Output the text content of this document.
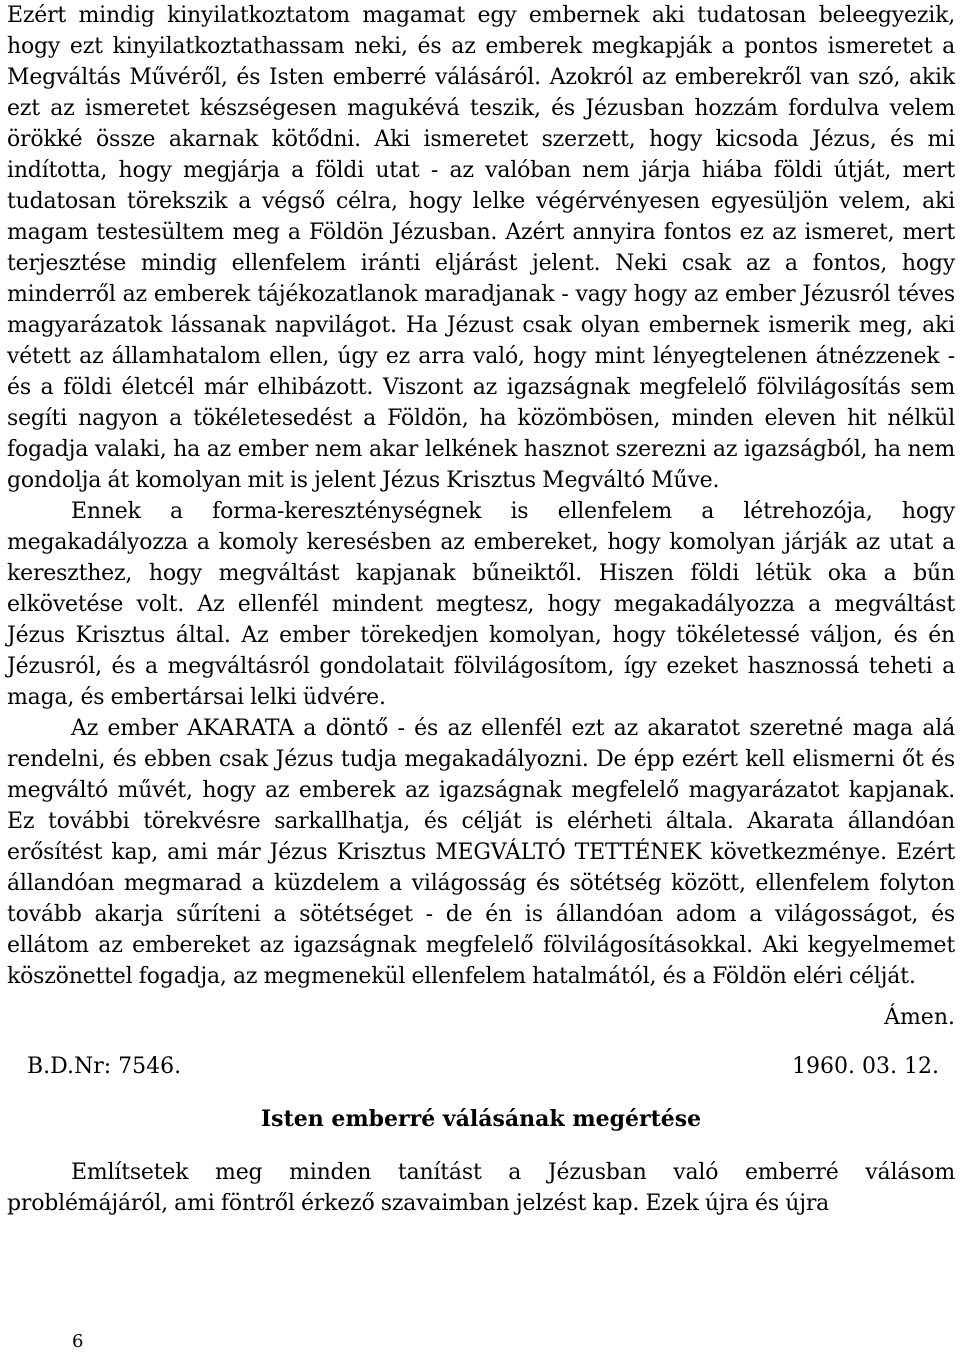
Ezért mindig kinyilatkoztatom magamat egy embernek aki tudatosan beleegyezik, hogy ezt kinyilatkoztathassam neki, és az emberek megkapják a pontos ismeretet a Megváltás Művéről, és Isten emberré válásáról. Azokról az emberekről van szó, akik ezt az ismeretet készségesen magukévá teszik, és Jézusban hozzám fordulva velem örökké össze akarnak kötődni. Aki ismeretet szerzett, hogy kicsoda Jézus, és mi indította, hogy megjárja a földi utat - az valóban nem járja hiába földi útját, mert tudatosan törekszik a végső célra, hogy lelke végérvényesen egyesüljön velem, aki magam testesültem meg a Földön Jézusban. Azért annyira fontos ez az ismeret, mert terjesztése mindig ellenfelem iránti eljárást jelent. Neki csak az a fontos, hogy minderről az emberek tájékozatlanok maradjanak - vagy hogy az ember Jézusról téves magyarázatok lássanak napvilágot. Ha Jézust csak olyan embernek ismerik meg, aki vétett az államhatalom ellen, úgy ez arra való, hogy mint lényegtelenen átnézzenek - és a földi életcél már elhibázott. Viszont az igazságnak megfelelő fölvilágosítás sem segíti nagyon a tökéletesedést a Földön, ha közömbösen, minden eleven hit nélkül fogadja valaki, ha az ember nem akar lelkének hasznot szerezni az igazságból, ha nem gondolja át komolyan mit is jelent Jézus Krisztus Megváltó Műve.

Ennek a forma-kereszténységnek is ellenfelem a létrehozója, hogy megakadályozza a komoly keresésben az embereket, hogy komolyan járják az utat a kereszthez, hogy megváltást kapjanak bűneiktől. Hiszen földi létük oka a bűn elkövetése volt. Az ellenfél mindent megtesz, hogy megakadályozza a megváltást Jézus Krisztus által. Az ember törekedjen komolyan, hogy tökéletessé váljon, és én Jézusról, és a megváltásról gondolatait fölvilágosítom, így ezeket hasznossá teheti a maga, és embertársai lelki üdvére.

Az ember AKARATA a döntő - és az ellenfél ezt az akaratot szeretné maga alá rendelni, és ebben csak Jézus tudja megakadályozni. De épp ezért kell elismerni őt és megváltó művét, hogy az emberek az igazságnak megfelelő magyarázatot kapjanak. Ez további törekvésre sarkallhatja, és célját is elérheti általa. Akarata állandóan erősítést kap, ami már Jézus Krisztus MEGVÁLTÓ TETTÉNEK következménye. Ezért állandóan megmarad a küzdelem a világosság és sötétség között, ellenfelem folyton tovább akarja sűríteni a sötétséget - de én is állandóan adom a világosságot, és ellátom az embereket az igazságnak megfelelő fölvilágosításokkal. Aki kegyelmemet köszönettel fogadja, az megmenekül ellenfelem hatalmától, és a Földön eléri célját.

Ámen.

B.D.Nr: 7546.	1960. 03. 12.
Isten emberré válásának megértése

Említsetek meg minden tanítást a Jézusban való emberré válásom problémájáról, ami föntről érkező szavaimban jelzést kap. Ezek újra és újra

6
